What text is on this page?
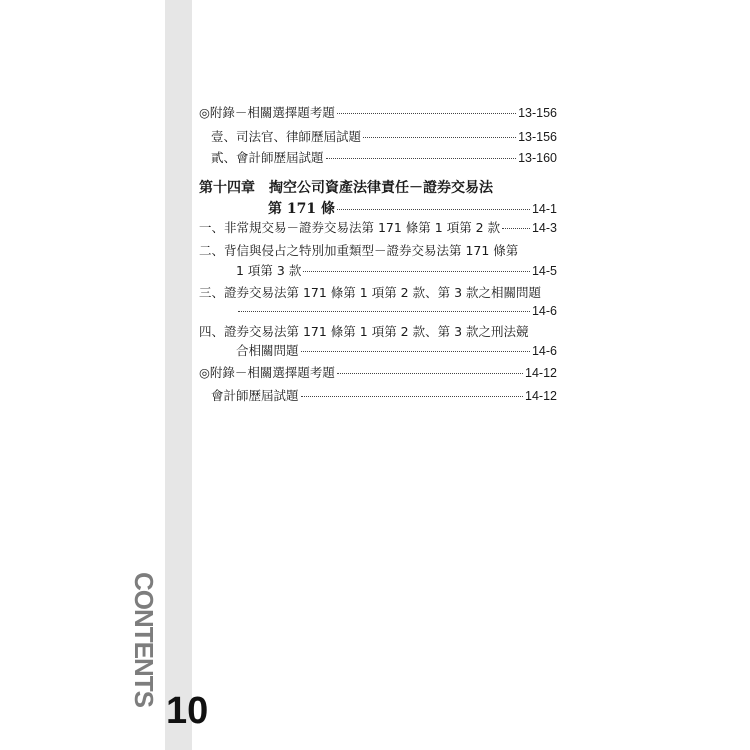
CONTENTS
10
◎附錄－相關選擇題考題	13-156
壹、司法官、律師歷屆試題	13-156
貳、會計師歷屆試題	13-160
第十四章 掏空公司資產法律責任－證券交易法
第 171 條	14-1
一、非常規交易－證券交易法第 171 條第 1 項第 2 款	14-3
二、背信與侵占之特別加重類型－證券交易法第 171 條第
1 項第 3 款	14-5
三、證券交易法第 171 條第 1 項第 2 款、第 3 款之相關問題
14-6
四、證券交易法第 171 條第 1 項第 2 款、第 3 款之刑法競
合相關問題	14-6
◎附錄－相關選擇題考題	14-12
會計師歷屆試題	14-12
